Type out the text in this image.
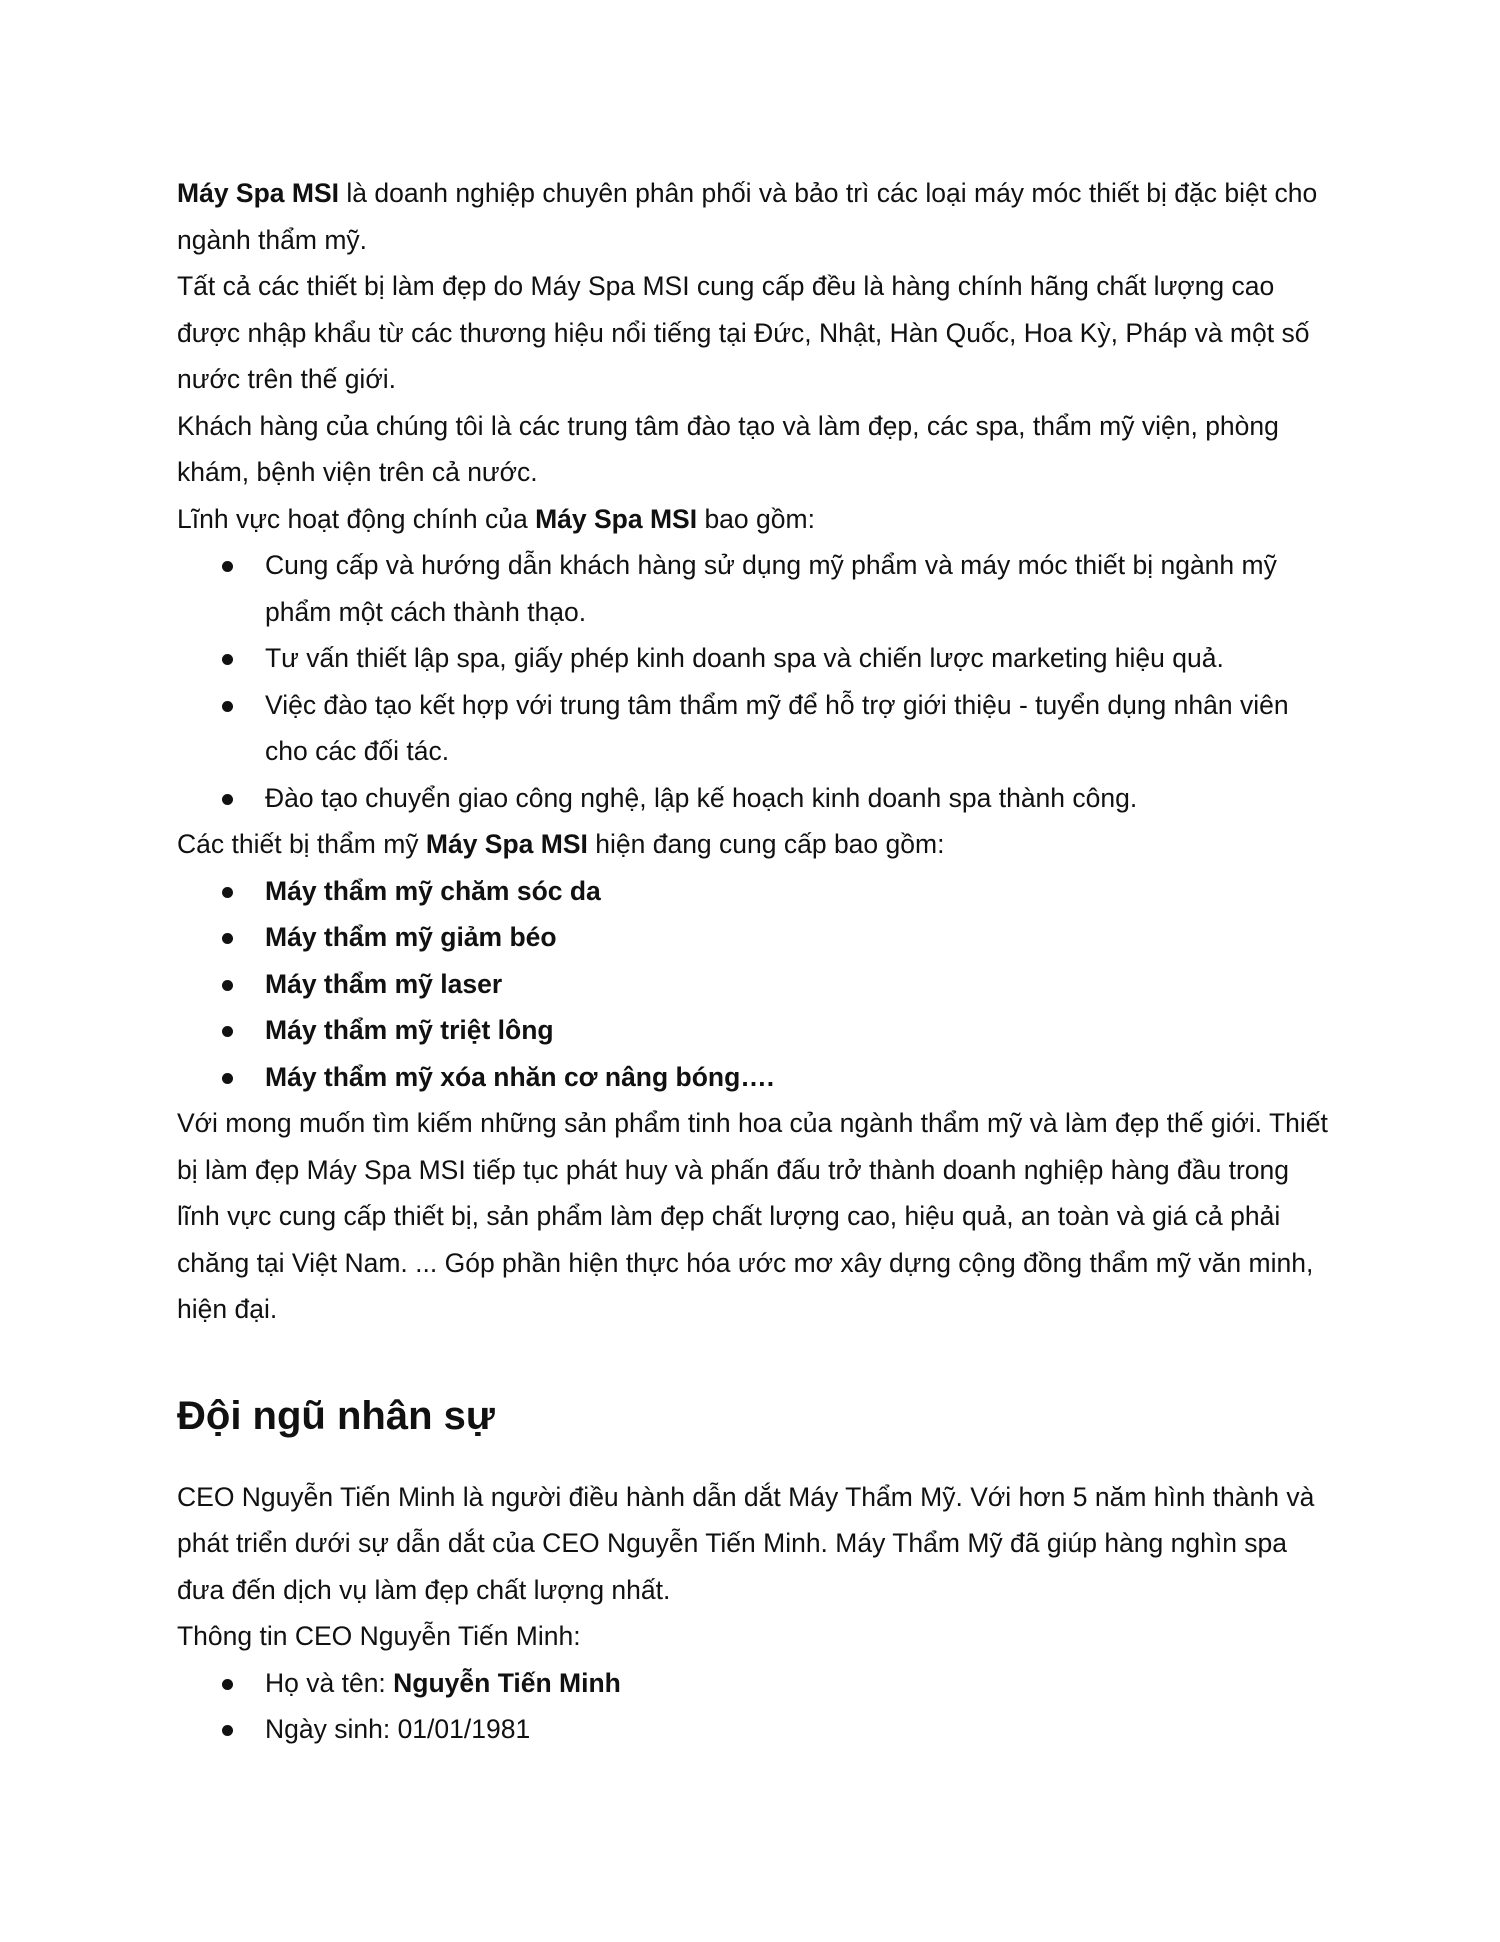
Máy Spa MSI là doanh nghiệp chuyên phân phối và bảo trì các loại máy móc thiết bị đặc biệt cho ngành thẩm mỹ.

Tất cả các thiết bị làm đẹp do Máy Spa MSI cung cấp đều là hàng chính hãng chất lượng cao được nhập khẩu từ các thương hiệu nổi tiếng tại Đức, Nhật, Hàn Quốc, Hoa Kỳ, Pháp và một số nước trên thế giới.

Khách hàng của chúng tôi là các trung tâm đào tạo và làm đẹp, các spa, thẩm mỹ viện, phòng khám, bệnh viện trên cả nước.

Lĩnh vực hoạt động chính của Máy Spa MSI bao gồm:

Cung cấp và hướng dẫn khách hàng sử dụng mỹ phẩm và máy móc thiết bị ngành mỹ phẩm một cách thành thạo.
Tư vấn thiết lập spa, giấy phép kinh doanh spa và chiến lược marketing hiệu quả.
Việc đào tạo kết hợp với trung tâm thẩm mỹ để hỗ trợ giới thiệu - tuyển dụng nhân viên cho các đối tác.
Đào tạo chuyển giao công nghệ, lập kế hoạch kinh doanh spa thành công.

Các thiết bị thẩm mỹ Máy Spa MSI hiện đang cung cấp bao gồm:

Máy thẩm mỹ chăm sóc da
Máy thẩm mỹ giảm béo
Máy thẩm mỹ laser
Máy thẩm mỹ triệt lông
Máy thẩm mỹ xóa nhăn cơ nâng bóng….

Với mong muốn tìm kiếm những sản phẩm tinh hoa của ngành thẩm mỹ và làm đẹp thế giới. Thiết bị làm đẹp Máy Spa MSI tiếp tục phát huy và phấn đấu trở thành doanh nghiệp hàng đầu trong lĩnh vực cung cấp thiết bị, sản phẩm làm đẹp chất lượng cao, hiệu quả, an toàn và giá cả phải chăng tại Việt Nam. ... Góp phần hiện thực hóa ước mơ xây dựng cộng đồng thẩm mỹ văn minh, hiện đại.

Đội ngũ nhân sự

CEO Nguyễn Tiến Minh là người điều hành dẫn dắt Máy Thẩm Mỹ. Với hơn 5 năm hình thành và phát triển dưới sự dẫn dắt của CEO Nguyễn Tiến Minh. Máy Thẩm Mỹ đã giúp hàng nghìn spa đưa đến dịch vụ làm đẹp chất lượng nhất.

Thông tin CEO Nguyễn Tiến Minh:

Họ và tên: Nguyễn Tiến Minh
Ngày sinh: 01/01/1981
